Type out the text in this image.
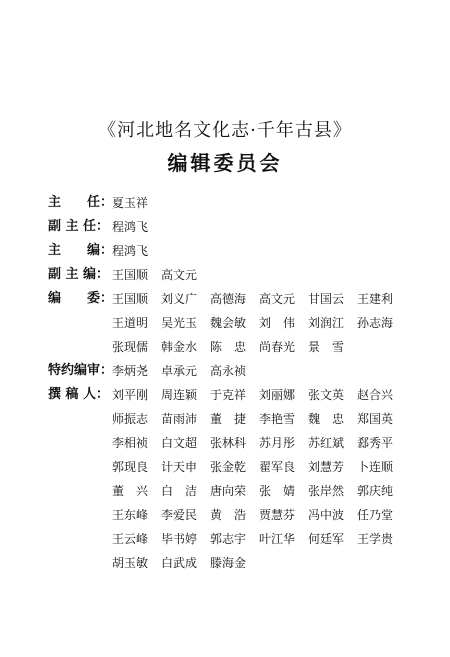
《河北地名文化志·千年古县》
编辑委员会
主　　任：
夏玉祥
副 主 任： 程鸿飞
主　　编：
程鸿飞
副 主 编： 王国顺	高文元
编　　委：
王国顺	刘义广	高德海	高文元	甘国云	王建利
王道明	吴光玉	魏会敏	刘　伟	刘润江	孙志海
张现儒	韩金水	陈　忠	尚春光	景　雪
特约编审：
李炳尧	卓承元	高永祯
撰 稿 人： 刘平刚	周连颖	于克祥	刘丽娜	张文英	赵合兴
师振志	苗雨沛	董　捷	李艳雪	魏　忠	郑国英
李相祯	白文超	张林科	苏月彤	苏红斌	郄秀平
郭现良	计天申	张金乾	翟军良	刘慧芳	卜连顺
董　兴	白　洁	唐向荣	张　婧	张岸然	郭庆纯
王东峰	李爱民	黄　浩	贾慧芬	冯中波	任乃堂
王云峰	毕书婷	郭志宇	叶江华	何廷军	王学贵
胡玉敏	白武成	滕海金
